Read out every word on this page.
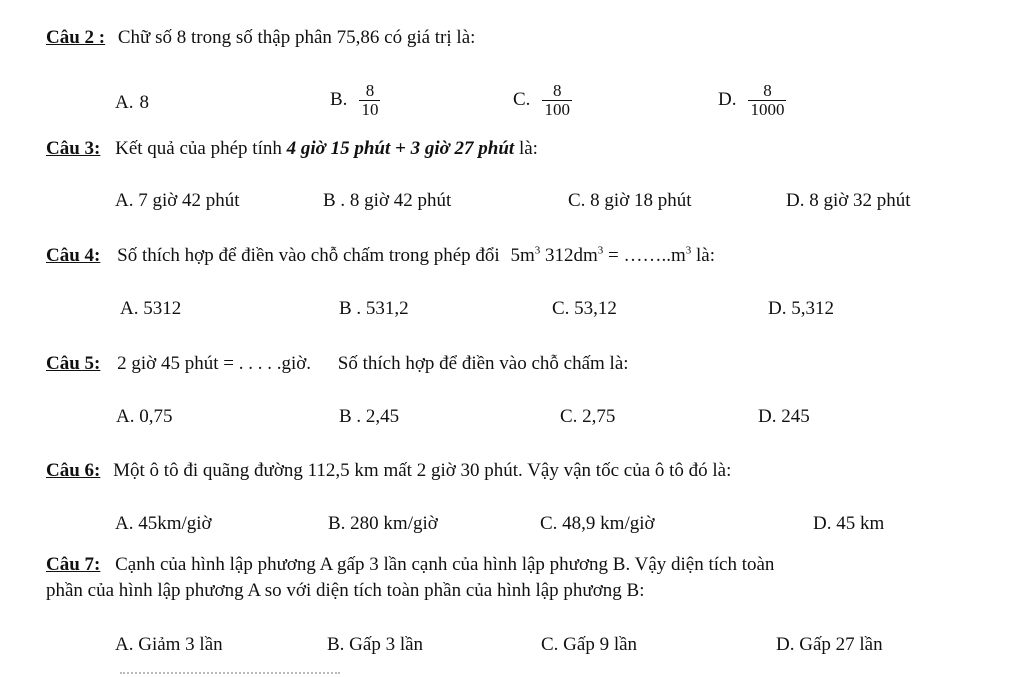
Câu 2 : Chữ số 8 trong số thập phân 75,86 có giá trị là:
A. 8	B. $\frac{8}{10}$	C. $\frac{8}{100}$	D. $\frac{8}{1000}$
Câu 3: Kết quả của phép tính 4 giờ 15 phút + 3 giờ 27 phút là:
A. 7 giờ 42 phút	B . 8 giờ 42 phút	C. 8 giờ 18 phút	D. 8 giờ 32 phút
Câu 4: Số thích hợp để điền vào chỗ chấm trong phép đổi $5m^3$ $312dm^3$ = $\dots\dots..m^3$ là:
A. 5312	B . 531,2	C. 53,12	D. 5,312
Câu 5: 2 giờ 45 phút = . . . . .giờ. Số thích hợp để điền vào chỗ chấm là:
A. 0,75	B . 2,45	C. 2,75	D. 245
Câu 6: Một ô tô đi quãng đường 112,5 km mất 2 giờ 30 phút. Vậy vận tốc của ô tô đó là:
A. 45km/giờ	B. 280 km/giờ	C. 48,9 km/giờ	D. 45 km
Câu 7: Cạnh của hình lập phương A gấp 3 lần cạnh của hình lập phương B. Vậy diện tích toàn
phần của hình lập phương A so với diện tích toàn phần của hình lập phương B:
A. Giảm 3 lần	B. Gấp 3 lần	C. Gấp 9 lần	D. Gấp 27 lần
